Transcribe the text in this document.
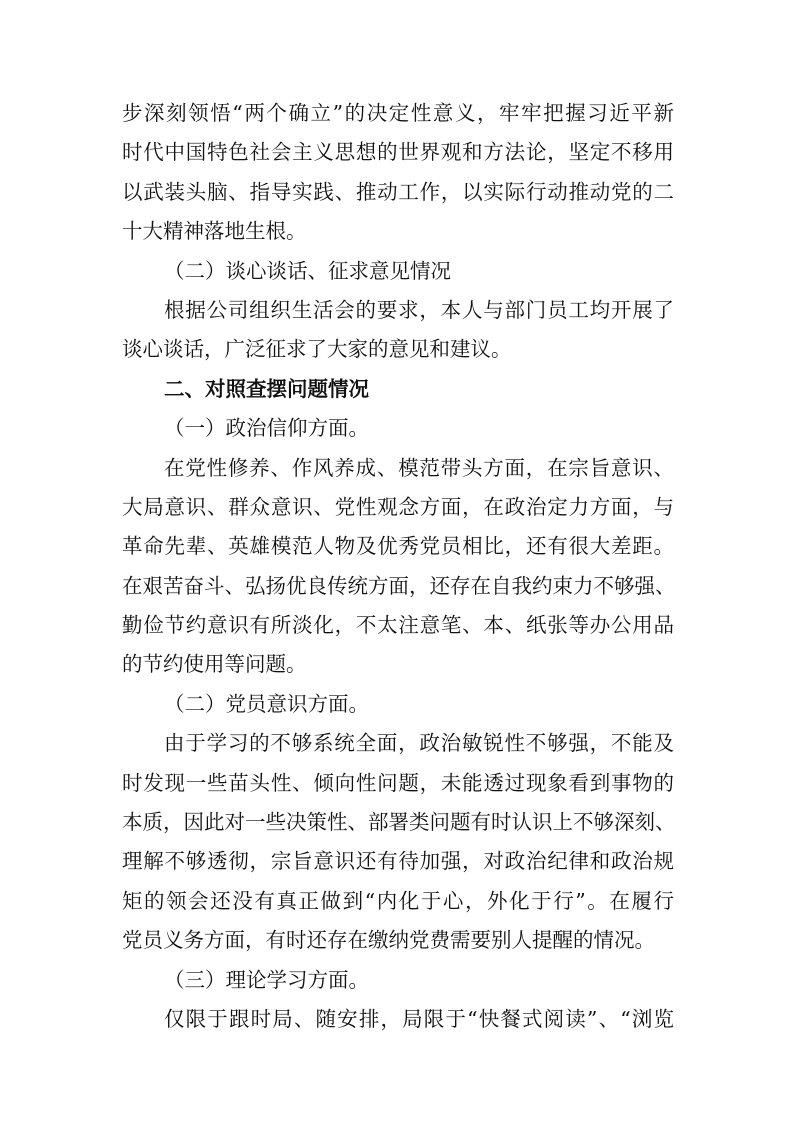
步深刻领悟“两个确立”的决定性意义，牢牢把握习近平新
时代中国特色社会主义思想的世界观和方法论，坚定不移用
以武装头脑、指导实践、推动工作，以实际行动推动党的二
十大精神落地生根。
（二）谈心谈话、征求意见情况
根据公司组织生活会的要求，本人与部门员工均开展了
谈心谈话，广泛征求了大家的意见和建议。
二、对照查摆问题情况
（一）政治信仰方面。
在党性修养、作风养成、模范带头方面，在宗旨意识、
大局意识、群众意识、党性观念方面，在政治定力方面，与
革命先辈、英雄模范人物及优秀党员相比，还有很大差距。
在艰苦奋斗、弘扬优良传统方面，还存在自我约束力不够强、
勤俭节约意识有所淡化，不太注意笔、本、纸张等办公用品
的节约使用等问题。
（二）党员意识方面。
由于学习的不够系统全面，政治敏锐性不够强，不能及
时发现一些苗头性、倾向性问题，未能透过现象看到事物的
本质，因此对一些决策性、部署类问题有时认识上不够深刻、
理解不够透彻，宗旨意识还有待加强，对政治纪律和政治规
矩的领会还没有真正做到“内化于心，外化于行”。在履行
党员义务方面，有时还存在缴纳党费需要别人提醒的情况。
（三）理论学习方面。
仅限于跟时局、随安排，局限于“快餐式阅读”、“浏览
